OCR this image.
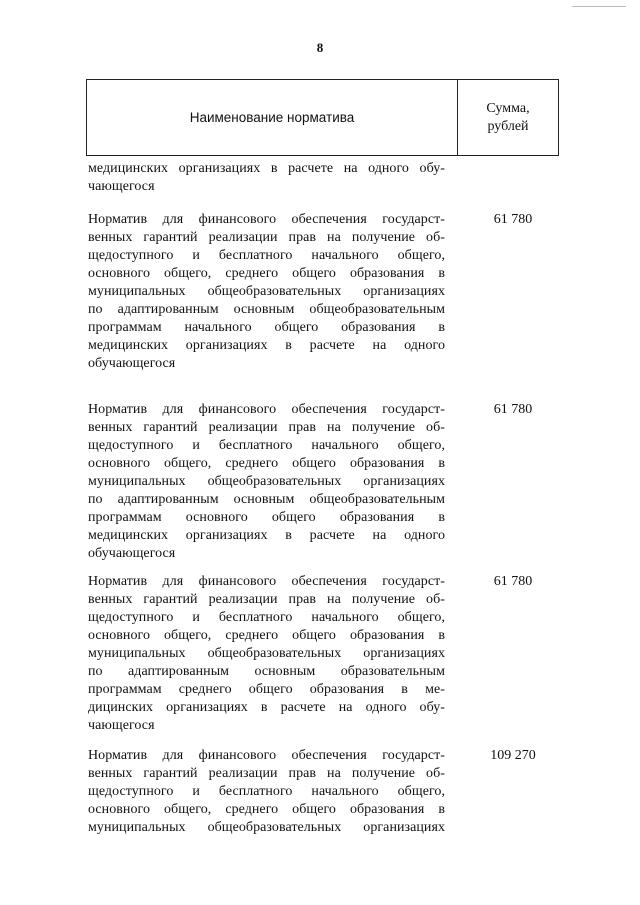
8
Наименование норматива
Сумма,
рублей
медицинских организациях в расчете на одного обу-
чающегося
Норматив для финансового обеспечения государст-
венных гарантий реализации прав на получение об-
щедоступного и бесплатного начального общего,
основного общего, среднего общего образования в
муниципальных общеобразовательных организациях
по адаптированным основным общеобразовательным
программам начального общего образования в
медицинских организациях в расчете на одного
обучающегося
61 780
Норматив для финансового обеспечения государст-
венных гарантий реализации прав на получение об-
щедоступного и бесплатного начального общего,
основного общего, среднего общего образования в
муниципальных общеобразовательных организациях
по адаптированным основным общеобразовательным
программам основного общего образования в
медицинских организациях в расчете на одного
обучающегося
61 780
Норматив для финансового обеспечения государст-
венных гарантий реализации прав на получение об-
щедоступного и бесплатного начального общего,
основного общего, среднего общего образования в
муниципальных общеобразовательных организациях
по адаптированным основным образовательным
программам среднего общего образования в ме-
дицинских организациях в расчете на одного обу-
чающегося
61 780
Норматив для финансового обеспечения государст-
венных гарантий реализации прав на получение об-
щедоступного и бесплатного начального общего,
основного общего, среднего общего образования в
муниципальных общеобразовательных организациях
109 270
